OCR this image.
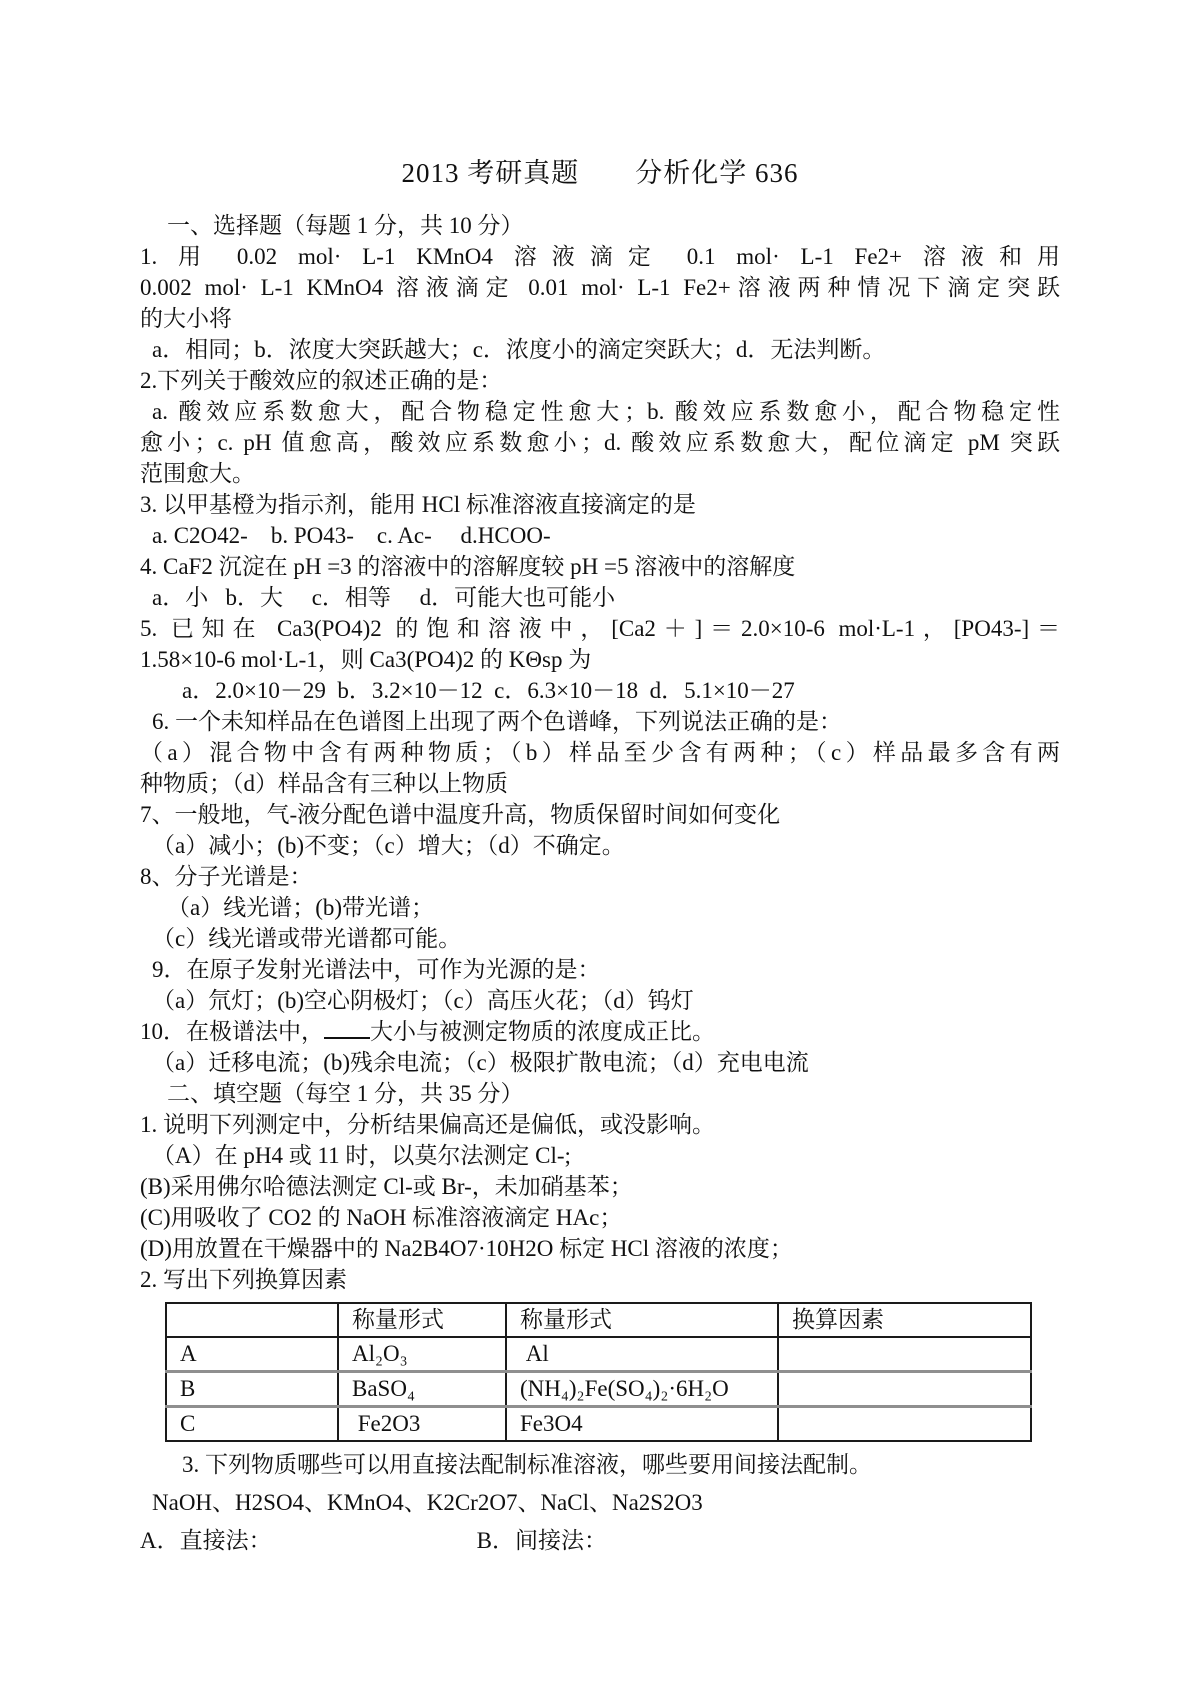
2013 考研真题　　分析化学 636
一、选择题（每题 1 分，共 10 分）
1. 用 0.02 mol· L-1 KMnO4 溶液滴定 0.1 mol· L-1 Fe2+ 溶液和用
0.002 mol· L-1 KMnO4 溶液滴定 0.01 mol· L-1 Fe2+溶液两种情况下滴定突跃
的大小将
a．相同；b．浓度大突跃越大；c．浓度小的滴定突跃大；d．无法判断。
2.下列关于酸效应的叙述正确的是：
a. 酸效应系数愈大，配合物稳定性愈大；b. 酸效应系数愈小，配合物稳定性
愈小；c. pH 值愈高，酸效应系数愈小；d. 酸效应系数愈大，配位滴定 pM 突跃
范围愈大。
3. 以甲基橙为指示剂，能用 HCl 标准溶液直接滴定的是
a. C2O42-    b. PO43-    c. Ac-     d.HCOO-
4. CaF2 沉淀在 pH =3 的溶液中的溶解度较 pH =5 溶液中的溶解度
a．小   b．大     c．相等     d．可能大也可能小
5. 已知在 Ca3(PO4)2 的饱和溶液中，[Ca2＋]＝2.0×10-6 mol·L-1，[PO43-]＝
1.58×10-6 mol·L-1，则 Ca3(PO4)2 的 KΘsp 为
a．2.0×10－29  b．3.2×10－12  c．6.3×10－18  d．5.1×10－27
6. 一个未知样品在色谱图上出现了两个色谱峰，下列说法正确的是：
（a）混合物中含有两种物质；（b）样品至少含有两种；（c）样品最多含有两
种物质；（d）样品含有三种以上物质
7、一般地，气-液分配色谱中温度升高，物质保留时间如何变化
（a）减小；(b)不变；（c）增大；（d）不确定。
8、分子光谱是：
（a）线光谱；(b)带光谱；
（c）线光谱或带光谱都可能。
9．在原子发射光谱法中，可作为光源的是：
（a）氘灯；(b)空心阴极灯；（c）高压火花；（d）钨灯
10．在极谱法中， 大小与被测定物质的浓度成正比。
（a）迁移电流；(b)残余电流；（c）极限扩散电流；（d）充电电流
二、填空题（每空 1 分，共 35 分）
1. 说明下列测定中，分析结果偏高还是偏低，或没影响。
（A）在 pH4 或 11 时，以莫尔法测定 Cl-;
(B)采用佛尔哈德法测定 Cl-或 Br-，未加硝基苯；
(C)用吸收了 CO2 的 NaOH 标准溶液滴定 HAc；
(D)用放置在干燥器中的 Na2B4O7·10H2O 标定 HCl 溶液的浓度；
2. 写出下列换算因素
	称量形式	称量形式	换算因素
A	Al₂O₃	Al	
B	BaSO₄	(NH₄)₂Fe(SO₄)₂·6H₂O	
C	Fe2O3	Fe3O4	
3. 下列物质哪些可以用直接法配制标准溶液，哪些要用间接法配制。
NaOH、H2SO4、KMnO4、K2Cr2O7、NaCl、Na2S2O3
A．直接法：	B．间接法：
